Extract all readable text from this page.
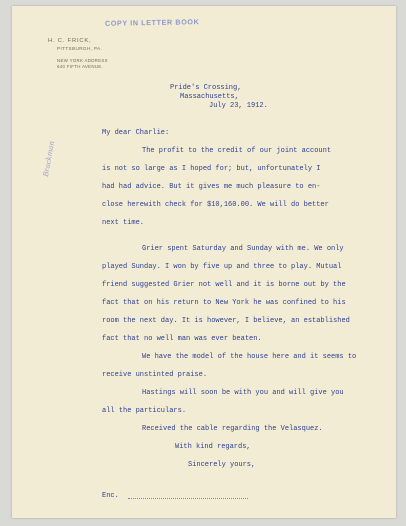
COPY IN LETTER BOOK
H. C. FRICK,
PITTSBURGH, PA.
NEW YORK ADDRESS
640 FIFTH AVENUE.
Brackman
Pride's Crossing,
Massachusetts,
July 23, 1912.
My dear Charlie:
The profit to the credit of our joint account
is not so large as I hoped for; but, unfortunately I
had had advice. But it gives me much pleasure to en-
close herewith check for $10,160.00. We will do better
next time.
Grier spent Saturday and Sunday with me. We only
played Sunday. I won by five up and three to play. Mutual
friend suggested Grier not well and it is borne out by the
fact that on his return to New York he was confined to his
room the next day. It is however, I believe, an established
fact that no well man was ever beaten.
We have the model of the house here and it seems to
receive unstinted praise.
Hastings will soon be with you and will give you
all the particulars.
Received the cable regarding the Velasquez.
With kind regards,
Sincerely yours,
Enc.
